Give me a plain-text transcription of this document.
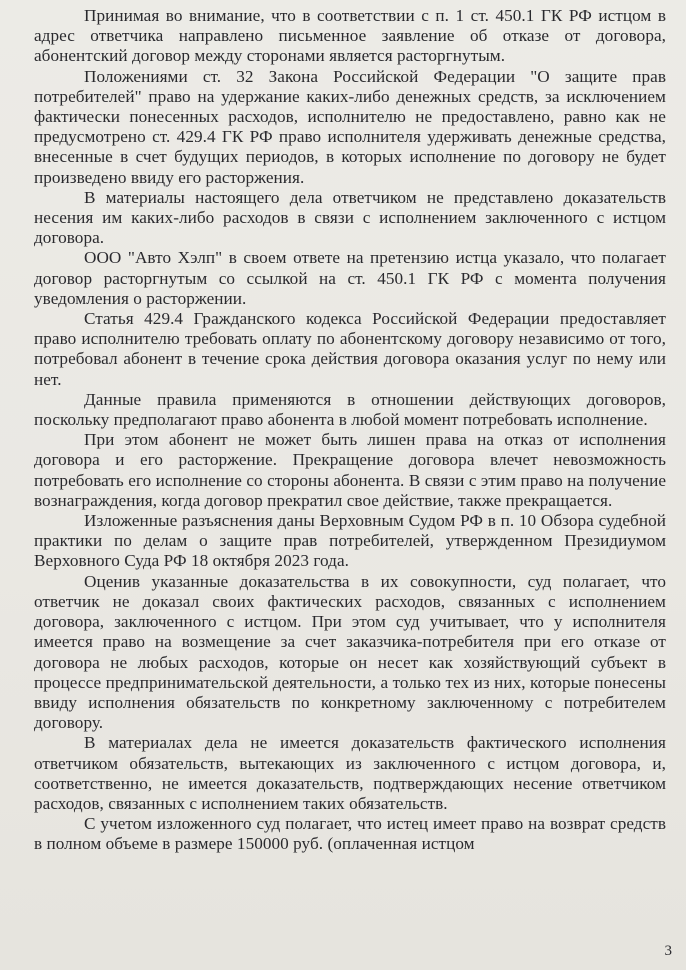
Принимая во внимание, что в соответствии с п. 1 ст. 450.1 ГК РФ истцом в адрес ответчика направлено письменное заявление об отказе от договора, абонентский договор между сторонами является расторгнутым.

Положениями ст. 32 Закона Российской Федерации "О защите прав потребителей" право на удержание каких-либо денежных средств, за исключением фактически понесенных расходов, исполнителю не предоставлено, равно как не предусмотрено ст. 429.4 ГК РФ право исполнителя удерживать денежные средства, внесенные в счет будущих периодов, в которых исполнение по договору не будет произведено ввиду его расторжения.

В материалы настоящего дела ответчиком не представлено доказательств несения им каких-либо расходов в связи с исполнением заключенного с истцом договора.

ООО "Авто Хэлп" в своем ответе на претензию истца указало, что полагает договор расторгнутым со ссылкой на ст. 450.1 ГК РФ с момента получения уведомления о расторжении.

Статья 429.4 Гражданского кодекса Российской Федерации предоставляет право исполнителю требовать оплату по абонентскому договору независимо от того, потребовал абонент в течение срока действия договора оказания услуг по нему или нет.

Данные правила применяются в отношении действующих договоров, поскольку предполагают право абонента в любой момент потребовать исполнение.

При этом абонент не может быть лишен права на отказ от исполнения договора и его расторжение. Прекращение договора влечет невозможность потребовать его исполнение со стороны абонента. В связи с этим право на получение вознаграждения, когда договор прекратил свое действие, также прекращается.

Изложенные разъяснения даны Верховным Судом РФ в п. 10 Обзора судебной практики по делам о защите прав потребителей, утвержденном Президиумом Верховного Суда РФ 18 октября 2023 года.

Оценив указанные доказательства в их совокупности, суд полагает, что ответчик не доказал своих фактических расходов, связанных с исполнением договора, заключенного с истцом. При этом суд учитывает, что у исполнителя имеется право на возмещение за счет заказчика-потребителя при его отказе от договора не любых расходов, которые он несет как хозяйствующий субъект в процессе предпринимательской деятельности, а только тех из них, которые понесены ввиду исполнения обязательств по конкретному заключенному с потребителем договору.

В материалах дела не имеется доказательств фактического исполнения ответчиком обязательств, вытекающих из заключенного с истцом договора, и, соответственно, не имеется доказательств, подтверждающих несение ответчиком расходов, связанных с исполнением таких обязательств.

С учетом изложенного суд полагает, что истец имеет право на возврат средств в полном объеме в размере 150000 руб. (оплаченная истцом

3
